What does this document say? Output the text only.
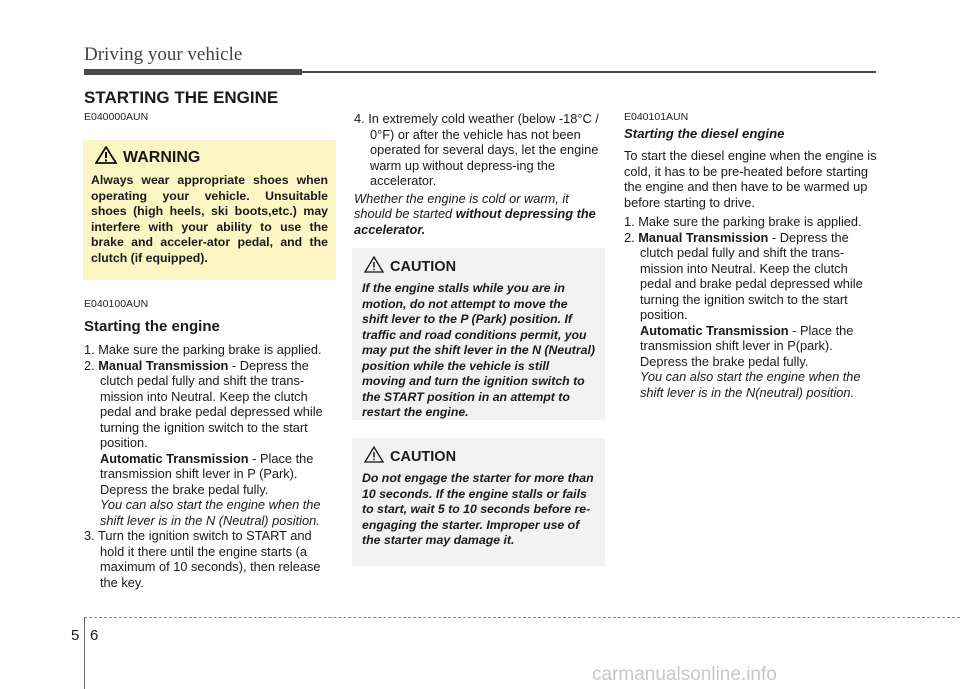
Driving your vehicle
STARTING THE ENGINE
E040000AUN
WARNING
Always wear appropriate shoes when operating your vehicle. Unsuitable shoes (high heels, ski boots,etc.) may interfere with your ability to use the brake and acceler-ator pedal, and the clutch (if equipped).
E040100AUN
Starting the engine

1. Make sure the parking brake is applied.

2. Manual Transmission - Depress the clutch pedal fully and shift the trans-mission into Neutral. Keep the clutch pedal and brake pedal depressed while turning the ignition switch to the start position.

Automatic Transmission - Place the transmission shift lever in P (Park). Depress the brake pedal fully.

You can also start the engine when the shift lever is in the N (Neutral) position.

3. Turn the ignition switch to START and hold it there until the engine starts (a maximum of 10 seconds), then release the key.

4. In extremely cold weather (below -18°C / 0°F) or after the vehicle has not been operated for several days, let the engine warm up without depress-ing the accelerator.

Whether the engine is cold or warm, it should be started without depressing the accelerator.

CAUTION
If the engine stalls while you are in motion, do not attempt to move the shift lever to the P (Park) position. If traffic and road conditions permit, you may put the shift lever in the N (Neutral) position while the vehicle is still moving and turn the ignition switch to the START position in an attempt to restart the engine.
CAUTION
Do not engage the starter for more than 10 seconds. If the engine stalls or fails to start, wait 5 to 10 seconds before re-engaging the starter. Improper use of the starter may damage it.
E040101AUN
Starting the diesel engine

To start the diesel engine when the engine is cold, it has to be pre-heated before starting the engine and then have to be warmed up before starting to drive.

1. Make sure the parking brake is applied.

2. Manual Transmission - Depress the clutch pedal fully and shift the trans-mission into Neutral. Keep the clutch pedal and brake pedal depressed while turning the ignition switch to the start position.

Automatic Transmission - Place the transmission shift lever in P(park). Depress the brake pedal fully.

You can also start the engine when the shift lever is in the N(neutral) position.

5 6
carmanualsonline.info
